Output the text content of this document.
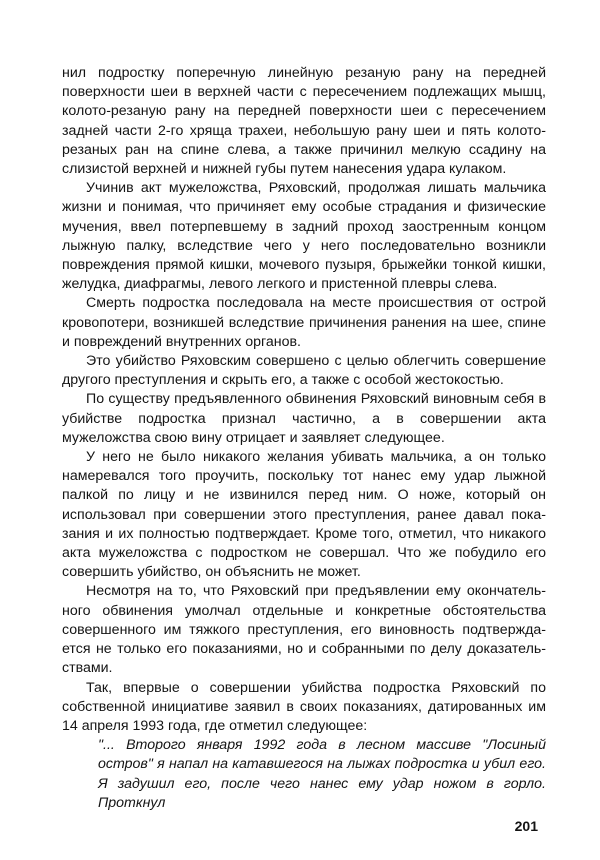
нил подростку поперечную линейную резаную рану на передней поверхности шеи в верхней части с пересечением подлежащих мышц, колото-резаную рану на передней поверхности шеи с пересечением задней части 2-го хряща трахеи, небольшую рану шеи и пять колото-резаных ран на спине слева, а также причинил мелкую ссадину на слизистой верхней и нижней губы путем нанесения удара кулаком.

Учинив акт мужеложства, Ряховский, продолжая лишать мальчика жизни и понимая, что причиняет ему особые страдания и физические мучения, ввел потерпевшему в задний проход заостренным концом лыжную палку, вследствие чего у него последовательно возникли повреждения прямой кишки, мочевого пузыря, брыжейки тонкой кишки, желудка, диафрагмы, левого легкого и пристенной плевры слева.

Смерть подростка последовала на месте происшествия от острой кровопотери, возникшей вследствие причинения ранения на шее, спине и повреждений внутренних органов.

Это убийство Ряховским совершено с целью облегчить совершение другого преступления и скрыть его, а также с особой жестокостью.

По существу предъявленного обвинения Ряховский виновным себя в убийстве подростка признал частично, а в совершении акта мужеложства свою вину отрицает и заявляет следующее.

У него не было никакого желания убивать мальчика, а он только намеревался того проучить, поскольку тот нанес ему удар лыжной палкой по лицу и не извинился перед ним. О ноже, который он использовал при совершении этого преступления, ранее давал показания и их полностью подтверждает. Кроме того, отметил, что никакого акта мужеложства с подростком не совершал. Что же побудило его совершить убийство, он объяснить не может.

Несмотря на то, что Ряховский при предъявлении ему окончательного обвинения умолчал отдельные и конкретные обстоятельства совершенного им тяжкого преступления, его виновность подтверждается не только его показаниями, но и собранными по делу доказательствами.

Так, впервые о совершении убийства подростка Ряховский по собственной инициативе заявил в своих показаниях, датированных им 14 апреля 1993 года, где отметил следующее:

"... Второго января 1992 года в лесном массиве "Лосиный остров" я напал на катавшегося на лыжах подростка и убил его. Я задушил его, после чего нанес ему удар ножом в горло. Проткнул

201
